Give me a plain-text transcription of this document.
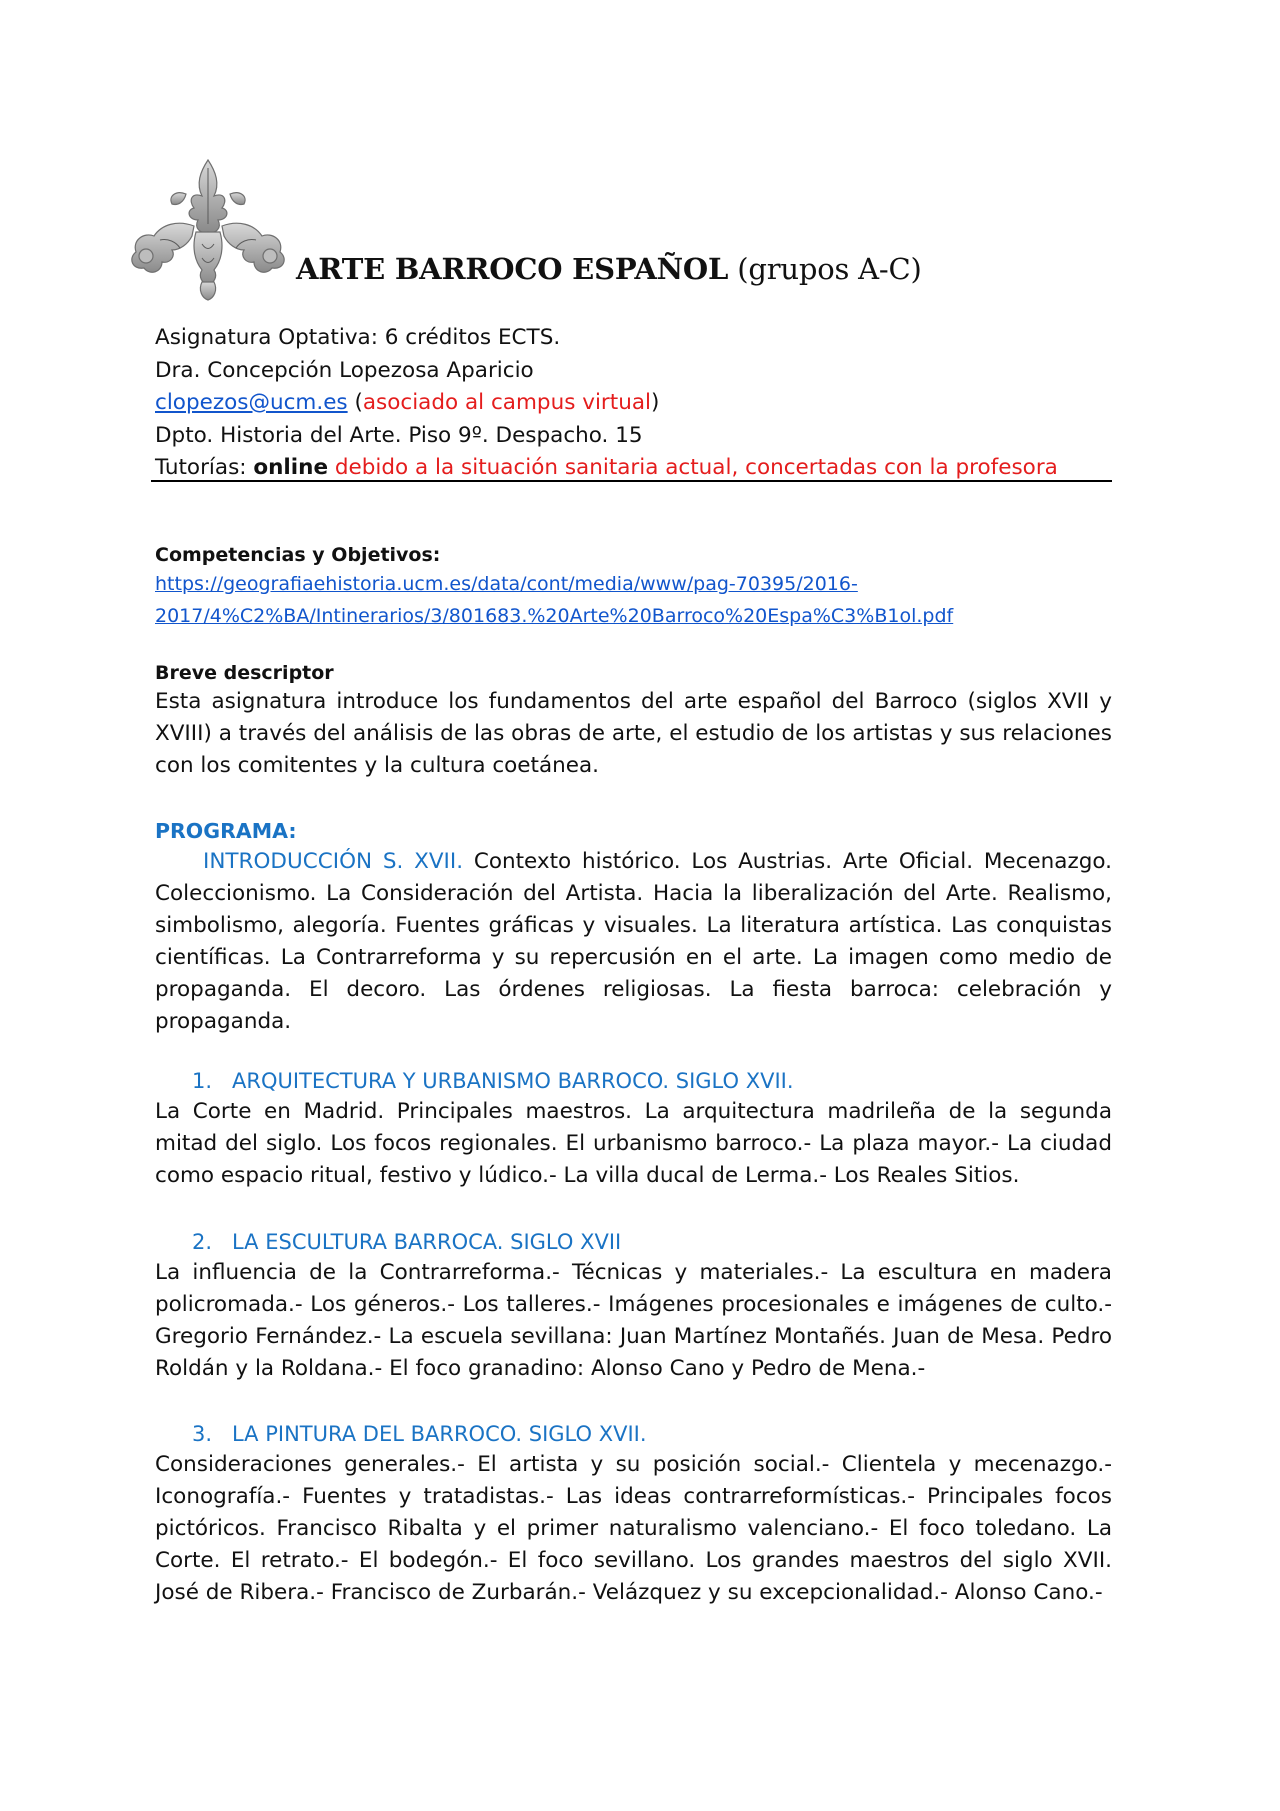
ARTE BARROCO ESPAÑOL (grupos A-C)
Asignatura Optativa: 6 créditos ECTS.
Dra. Concepción Lopezosa Aparicio
clopezos@ucm.es (asociado al campus virtual)
Dpto. Historia del Arte. Piso 9º. Despacho. 15
Tutorías: online debido a la situación sanitaria actual, concertadas con la profesora
Competencias y Objetivos:
https://geografiaehistoria.ucm.es/data/cont/media/www/pag-70395/2016-
2017/4%C2%BA/Intinerarios/3/801683.%20Arte%20Barroco%20Espa%C3%B1ol.pdf
Breve descriptor
Esta asignatura introduce los fundamentos del arte español del Barroco (siglos XVII y XVIII) a través del análisis de las obras de arte, el estudio de los artistas y sus relaciones con los comitentes y la cultura coetánea.
PROGRAMA:
INTRODUCCIÓN S. XVII. Contexto histórico. Los Austrias. Arte Oficial. Mecenazgo. Coleccionismo. La Consideración del Artista. Hacia la liberalización del Arte. Realismo, simbolismo, alegoría. Fuentes gráficas y visuales. La literatura artística. Las conquistas científicas. La Contrarreforma y su repercusión en el arte. La imagen como medio de propaganda. El decoro. Las órdenes religiosas. La fiesta barroca: celebración y propaganda.
1. ARQUITECTURA Y URBANISMO BARROCO. SIGLO XVII.
La Corte en Madrid. Principales maestros. La arquitectura madrileña de la segunda mitad del siglo. Los focos regionales. El urbanismo barroco.- La plaza mayor.- La ciudad como espacio ritual, festivo y lúdico.- La villa ducal de Lerma.- Los Reales Sitios.
2. LA ESCULTURA BARROCA. SIGLO XVII
La influencia de la Contrarreforma.- Técnicas y materiales.- La escultura en madera policromada.- Los géneros.- Los talleres.- Imágenes procesionales e imágenes de culto.- Gregorio Fernández.- La escuela sevillana: Juan Martínez Montañés. Juan de Mesa. Pedro Roldán y la Roldana.- El foco granadino: Alonso Cano y Pedro de Mena.-
3. LA PINTURA DEL BARROCO. SIGLO XVII.
Consideraciones generales.- El artista y su posición social.- Clientela y mecenazgo.- Iconografía.- Fuentes y tratadistas.- Las ideas contrarreformísticas.- Principales focos pictóricos. Francisco Ribalta y el primer naturalismo valenciano.- El foco toledano. La Corte. El retrato.- El bodegón.- El foco sevillano. Los grandes maestros del siglo XVII. José de Ribera.- Francisco de Zurbarán.- Velázquez y su excepcionalidad.- Alonso Cano.-
